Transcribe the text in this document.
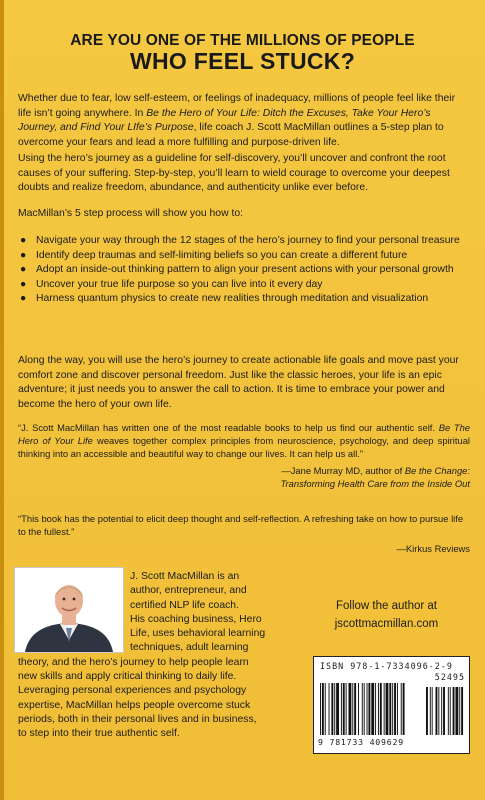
ARE YOU ONE OF THE MILLIONS OF PEOPLE
WHO FEEL STUCK?

Whether due to fear, low self-esteem, or feelings of inadequacy, millions of people feel like their life isn’t going anywhere. In Be the Hero of Your Life: Ditch the Excuses, Take Your Hero’s Journey, and Find Your LIfe’s Purpose, life coach J. Scott MacMillan outlines a 5-step plan to overcome your fears and lead a more fulfilling and purpose-driven life.

Using the hero’s journey as a guideline for self-discovery, you’ll uncover and confront the root causes of your suffering. Step-by-step, you’ll learn to wield courage to overcome your deepest doubts and realize freedom, abundance, and authenticity unlike ever before.

MacMillan’s 5 step process will show you how to:

● Navigate your way through the 12 stages of the hero’s journey to find your personal treasure
● Identify deep traumas and self-limiting beliefs so you can create a different future
● Adopt an inside-out thinking pattern to align your present actions with your personal growth
● Uncover your true life purpose so you can live into it every day
● Harness quantum physics to create new realities through meditation and visualization

Along the way, you will use the hero’s journey to create actionable life goals and move past your comfort zone and discover personal freedom. Just like the classic heroes, your life is an epic adventure; it just needs you to answer the call to action. It is time to embrace your power and become the hero of your own life.

“J. Scott MacMillan has written one of the most readable books to help us find our authentic self. Be The Hero of Your Life weaves together complex principles from neuroscience, psychology, and deep spiritual thinking into an accessible and beautiful way to change our lives. It can help us all.”
—Jane Murray MD, author of Be the Change:
Transforming Health Care from the Inside Out
“This book has the potential to elicit deep thought and self-reflection. A refreshing take on how to pursue life to the fullest.”
—Kirkus Reviews

J. Scott MacMillan is an

author, entrepreneur, and

certified NLP life coach.

His coaching business, Hero

Life, uses behavioral learning

techniques, adult learning

theory, and the hero’s journey to help people learn

new skills and apply critical thinking to daily life.

Leveraging personal experiences and psychology

expertise, MacMillan helps people overcome stuck

periods, both in their personal lives and in business,

to step into their true authentic self.

Follow the author at
jscottmacmillan.com
ISBN 978-1-7334096-2-9
52495
9 781733 409629
